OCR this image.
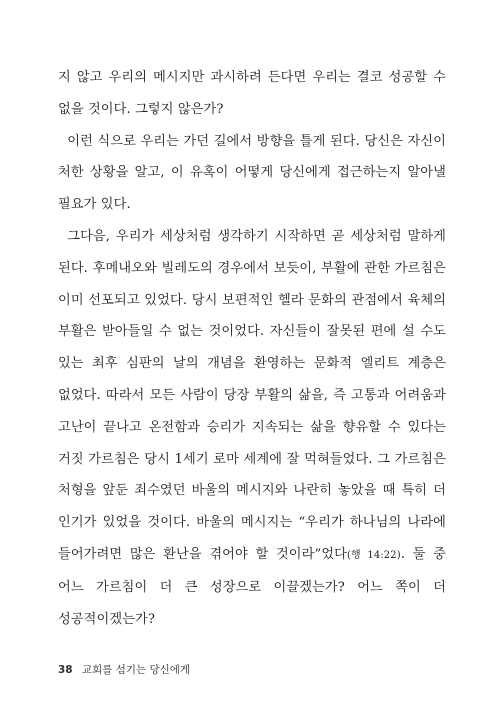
지 않고 우리의 메시지만 과시하려 든다면 우리는 결코 성공할 수 없을 것이다. 그렇지 않은가?

이런 식으로 우리는 가던 길에서 방향을 틀게 된다. 당신은 자신이 처한 상황을 알고, 이 유혹이 어떻게 당신에게 접근하는지 알아낼 필요가 있다.

그다음, 우리가 세상처럼 생각하기 시작하면 곧 세상처럼 말하게 된다. 후메내오와 빌레도의 경우에서 보듯이, 부활에 관한 가르침은 이미 선포되고 있었다. 당시 보편적인 헬라 문화의 관점에서 육체의 부활은 받아들일 수 없는 것이었다. 자신들이 잘못된 편에 설 수도 있는 최후 심판의 날의 개념을 환영하는 문화적 엘리트 계층은 없었다. 따라서 모든 사람이 당장 부활의 삶을, 즉 고통과 어려움과 고난이 끝나고 온전함과 승리가 지속되는 삶을 향유할 수 있다는 거짓 가르침은 당시 1세기 로마 세계에 잘 먹혀들었다. 그 가르침은 처형을 앞둔 죄수였던 바울의 메시지와 나란히 놓았을 때 특히 더 인기가 있었을 것이다. 바울의 메시지는 “우리가 하나님의 나라에 들어가려면 많은 환난을 겪어야 할 것이라”었다(행 14:22). 둘 중 어느 가르침이 더 큰 성장으로 이끌겠는가? 어느 쪽이 더 성공적이겠는가?

38 교회를 섬기는 당신에게
